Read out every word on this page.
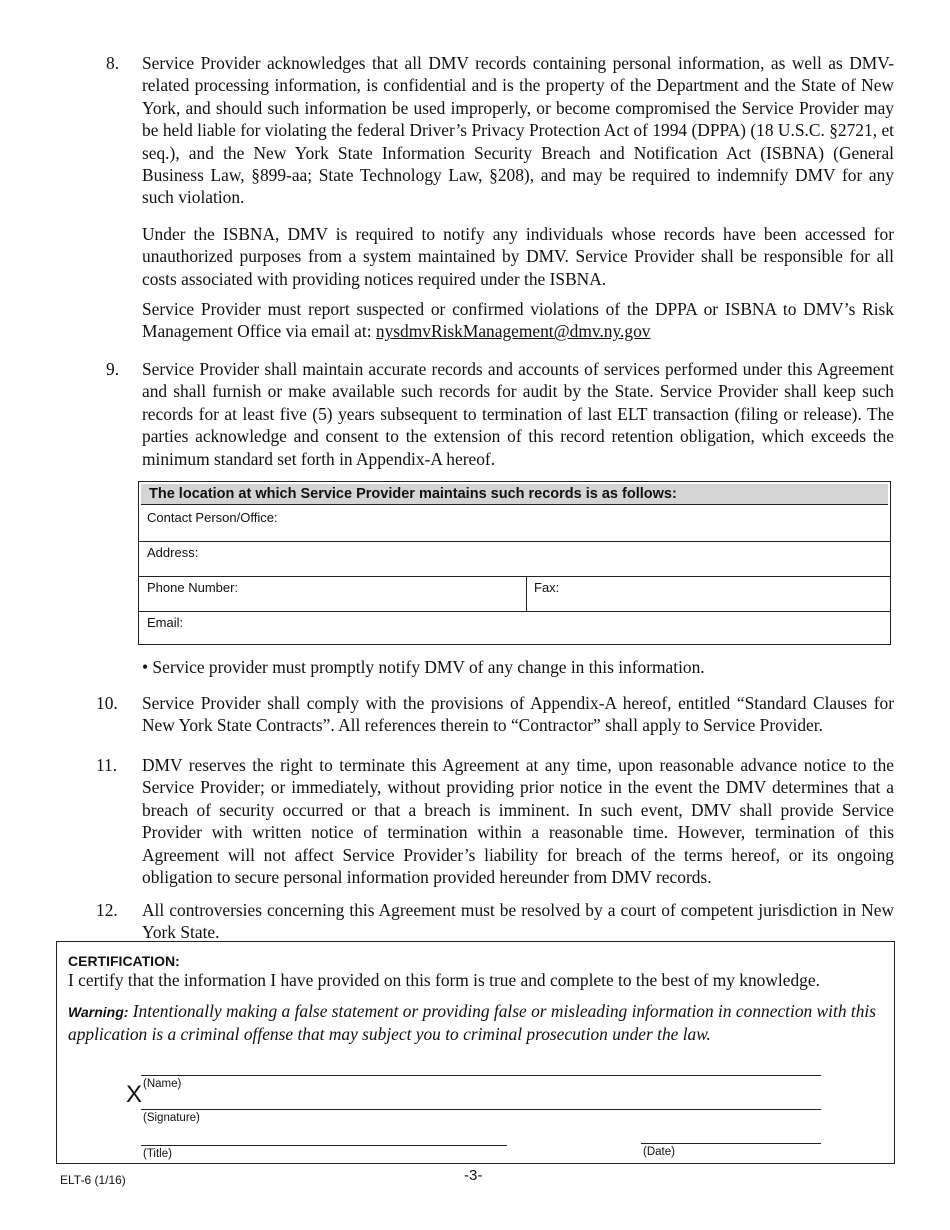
8. Service Provider acknowledges that all DMV records containing personal information, as well as DMV-related processing information, is confidential and is the property of the Department and the State of New York, and should such information be used improperly, or become compromised the Service Provider may be held liable for violating the federal Driver’s Privacy Protection Act of 1994 (DPPA) (18 U.S.C. §2721, et seq.), and the New York State Information Security Breach and Notification Act (ISBNA) (General Business Law, §899-aa; State Technology Law, §208), and may be required to indemnify DMV for any such violation.

Under the ISBNA, DMV is required to notify any individuals whose records have been accessed for unauthorized purposes from a system maintained by DMV. Service Provider shall be responsible for all costs associated with providing notices required under the ISBNA.

Service Provider must report suspected or confirmed violations of the DPPA or ISBNA to DMV’s Risk Management Office via email at: nysdmvRiskManagement@dmv.ny.gov

9. Service Provider shall maintain accurate records and accounts of services performed under this Agreement and shall furnish or make available such records for audit by the State. Service Provider shall keep such records for at least five (5) years subsequent to termination of last ELT transaction (filing or release). The parties acknowledge and consent to the extension of this record retention obligation, which exceeds the minimum standard set forth in Appendix-A hereof.

The location at which Service Provider maintains such records is as follows:
Contact Person/Office:
Address:
Phone Number:	Fax:
Email:
• Service provider must promptly notify DMV of any change in this information.
10. Service Provider shall comply with the provisions of Appendix-A hereof, entitled “Standard Clauses for New York State Contracts”. All references therein to “Contractor” shall apply to Service Provider.

11. DMV reserves the right to terminate this Agreement at any time, upon reasonable advance notice to the Service Provider; or immediately, without providing prior notice in the event the DMV determines that a breach of security occurred or that a breach is imminent. In such event, DMV shall provide Service Provider with written notice of termination within a reasonable time. However, termination of this Agreement will not affect Service Provider’s liability for breach of the terms hereof, or its ongoing obligation to secure personal information provided hereunder from DMV records.

12. All controversies concerning this Agreement must be resolved by a court of competent jurisdiction in New York State.

CERTIFICATION:
I certify that the information I have provided on this form is true and complete to the best of my knowledge.
Warning: Intentionally making a false statement or providing false or misleading information in connection with this application is a criminal offense that may subject you to criminal prosecution under the law.
(Name)
X
(Signature)
(Title)	(Date)
ELT-6 (1/16)	-3-
